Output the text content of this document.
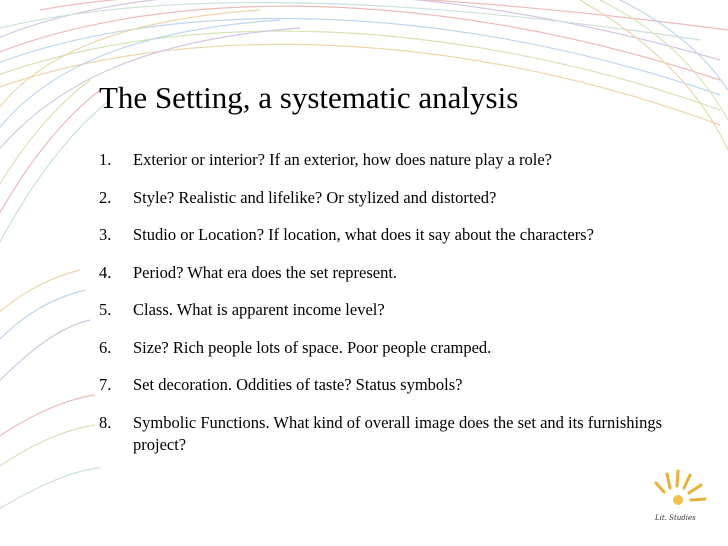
The Setting, a systematic analysis
1.	Exterior or interior? If an exterior, how does nature play a role?
2.	Style? Realistic and lifelike? Or stylized and distorted?
3.	Studio or Location? If location, what does it say about the characters?
4.	Period? What era does the set represent.
5.	Class. What is apparent income level?
6.	Size? Rich people lots of space. Poor people cramped.
7.	Set decoration. Oddities of taste? Status symbols?
8.	Symbolic Functions. What kind of overall image does the set and its furnishings project?
Lit. Studies
